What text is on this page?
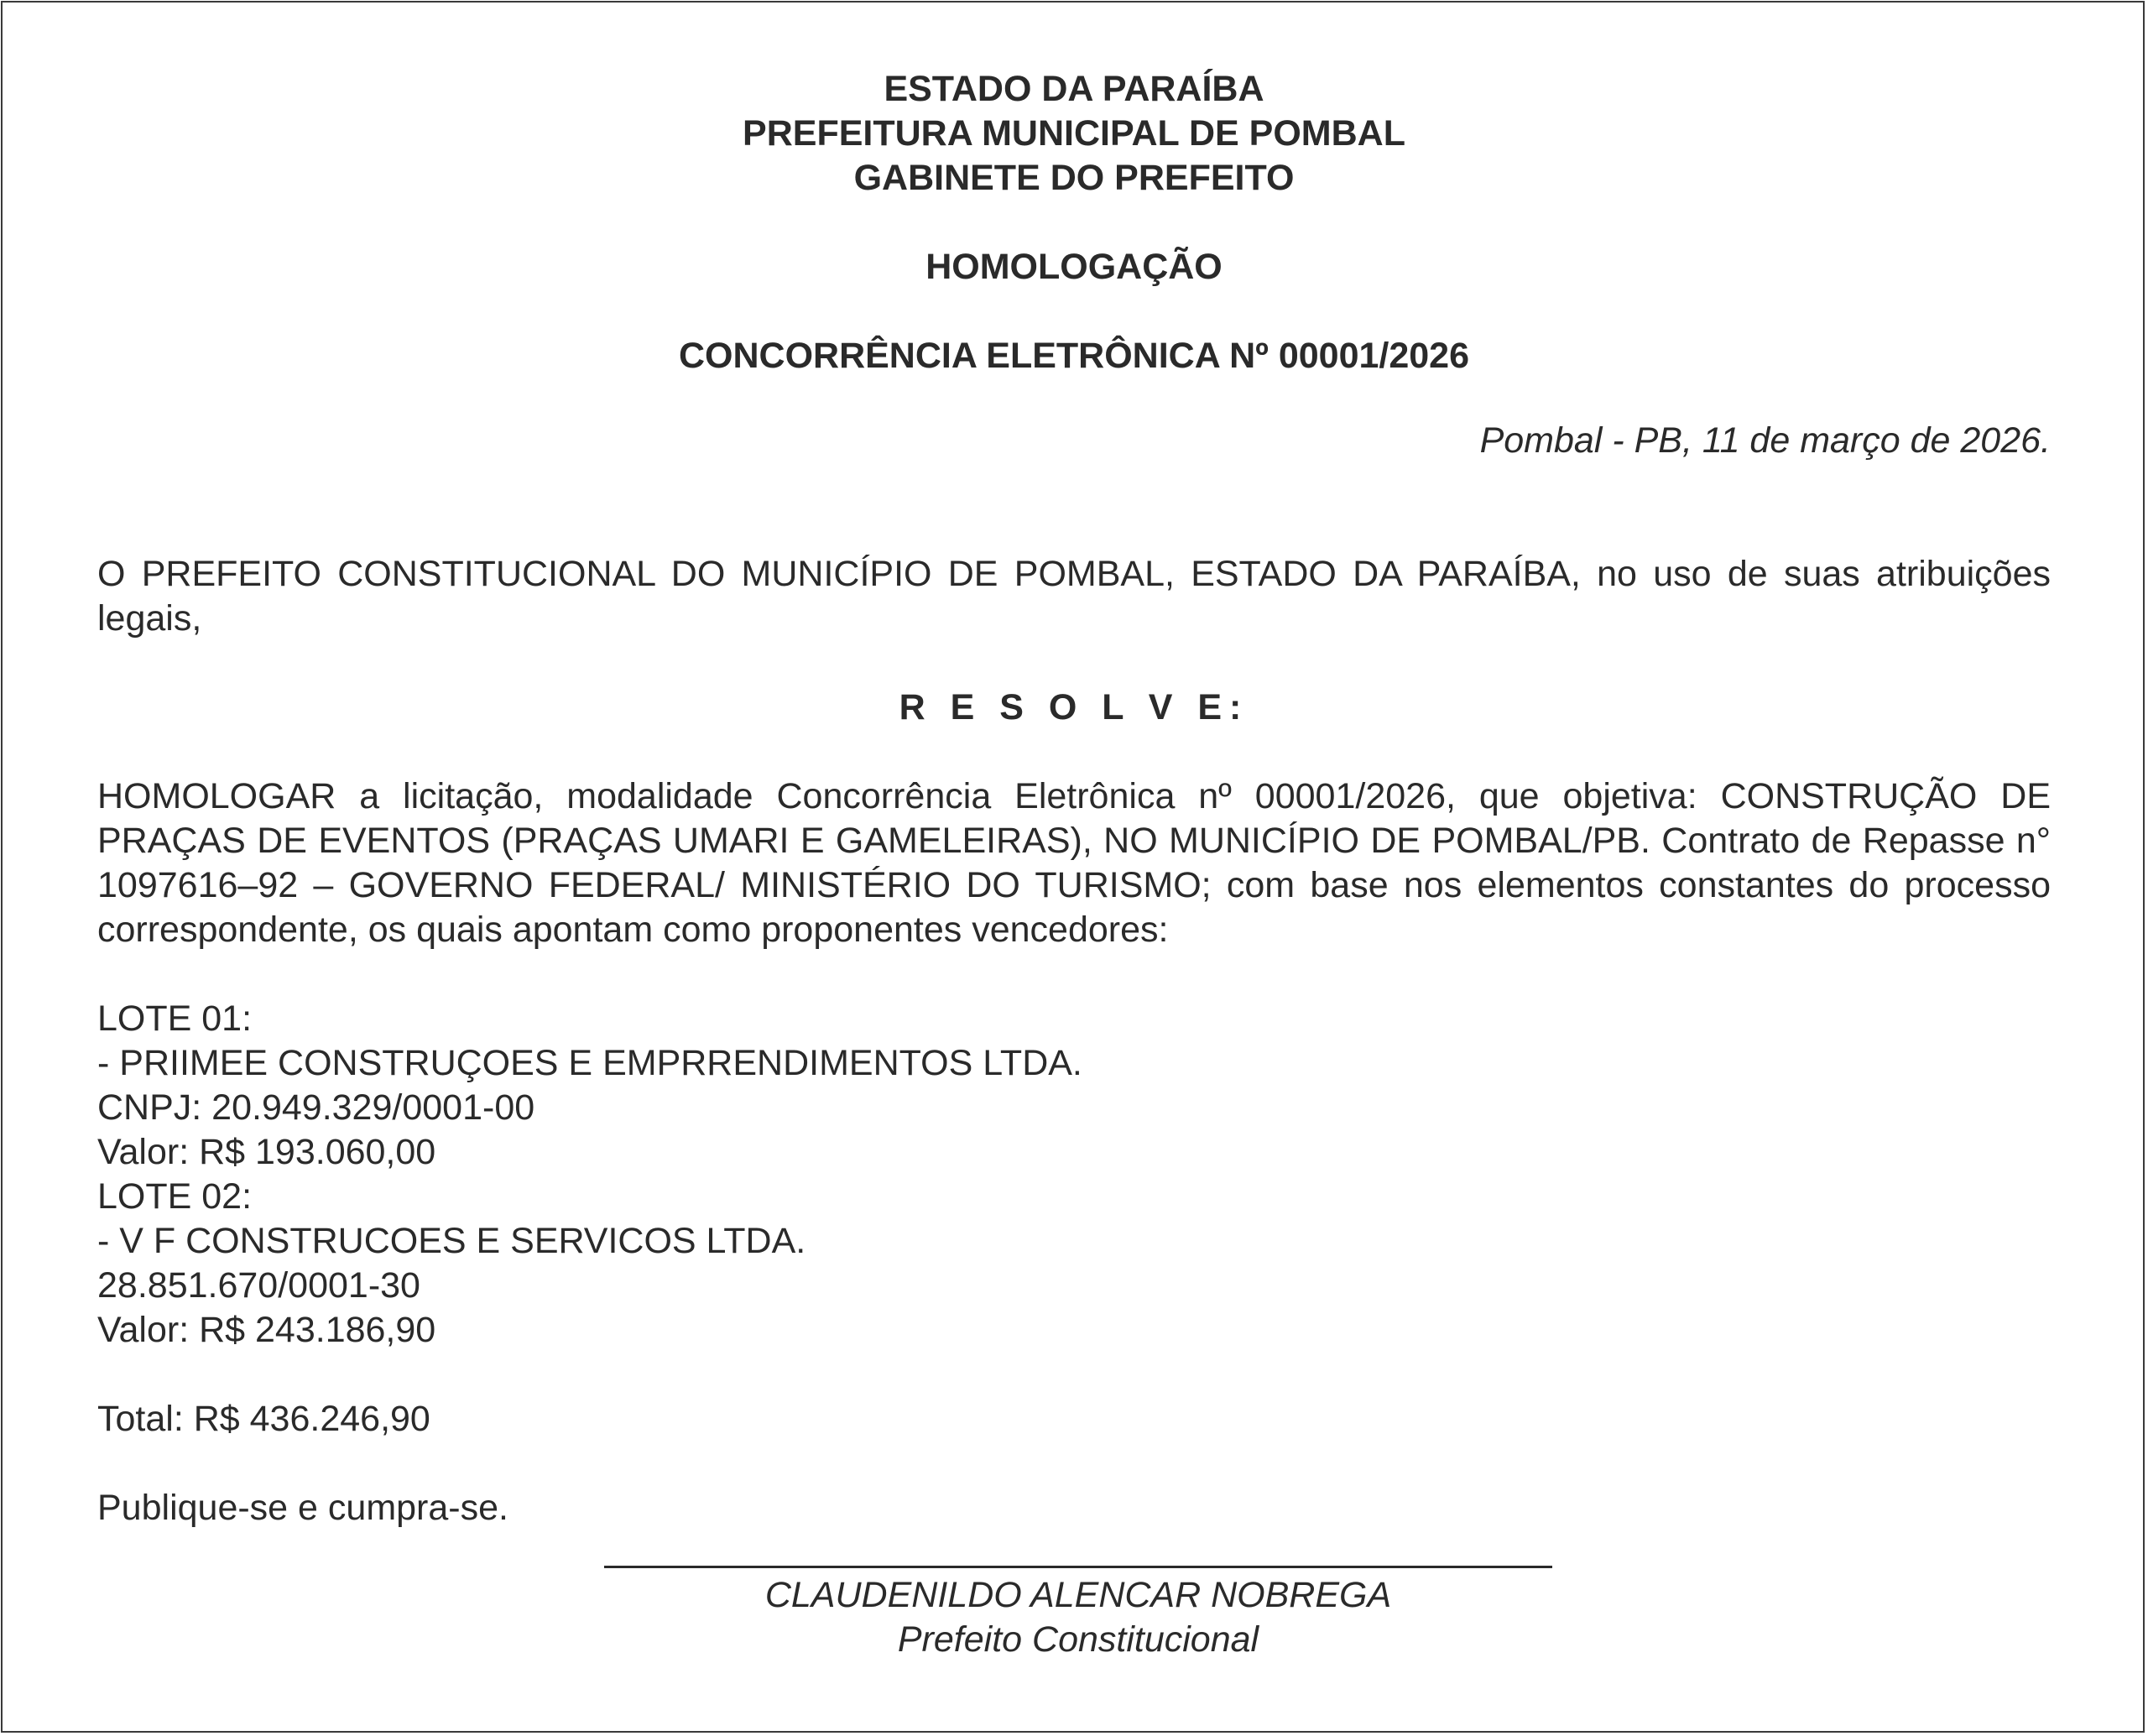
ESTADO DA PARAÍBA
PREFEITURA MUNICIPAL DE POMBAL
GABINETE DO PREFEITO
HOMOLOGAÇÃO
CONCORRÊNCIA ELETRÔNICA Nº 00001/2026
Pombal - PB, 11 de março de 2026.
O PREFEITO CONSTITUCIONAL DO MUNICÍPIO DE POMBAL, ESTADO DA PARAÍBA, no uso de suas atribuições legais,
R E S O L V E:
HOMOLOGAR a licitação, modalidade Concorrência Eletrônica nº 00001/2026, que objetiva: CONSTRUÇÃO DE PRAÇAS DE EVENTOS (PRAÇAS UMARI E GAMELEIRAS), NO MUNICÍPIO DE POMBAL/PB. Contrato de Repasse n° 1097616–92 – GOVERNO FEDERAL/ MINISTÉRIO DO TURISMO; com base nos elementos constantes do processo correspondente, os quais apontam como proponentes vencedores:
LOTE 01:
- PRIIMEE CONSTRUÇOES E EMPRRENDIMENTOS LTDA.
CNPJ: 20.949.329/0001-00
Valor: R$ 193.060,00
LOTE 02:
- V F CONSTRUCOES E SERVICOS LTDA.
28.851.670/0001-30
Valor: R$ 243.186,90
Total: R$ 436.246,90
Publique-se e cumpra-se.
CLAUDENILDO ALENCAR NOBREGA
Prefeito Constitucional
